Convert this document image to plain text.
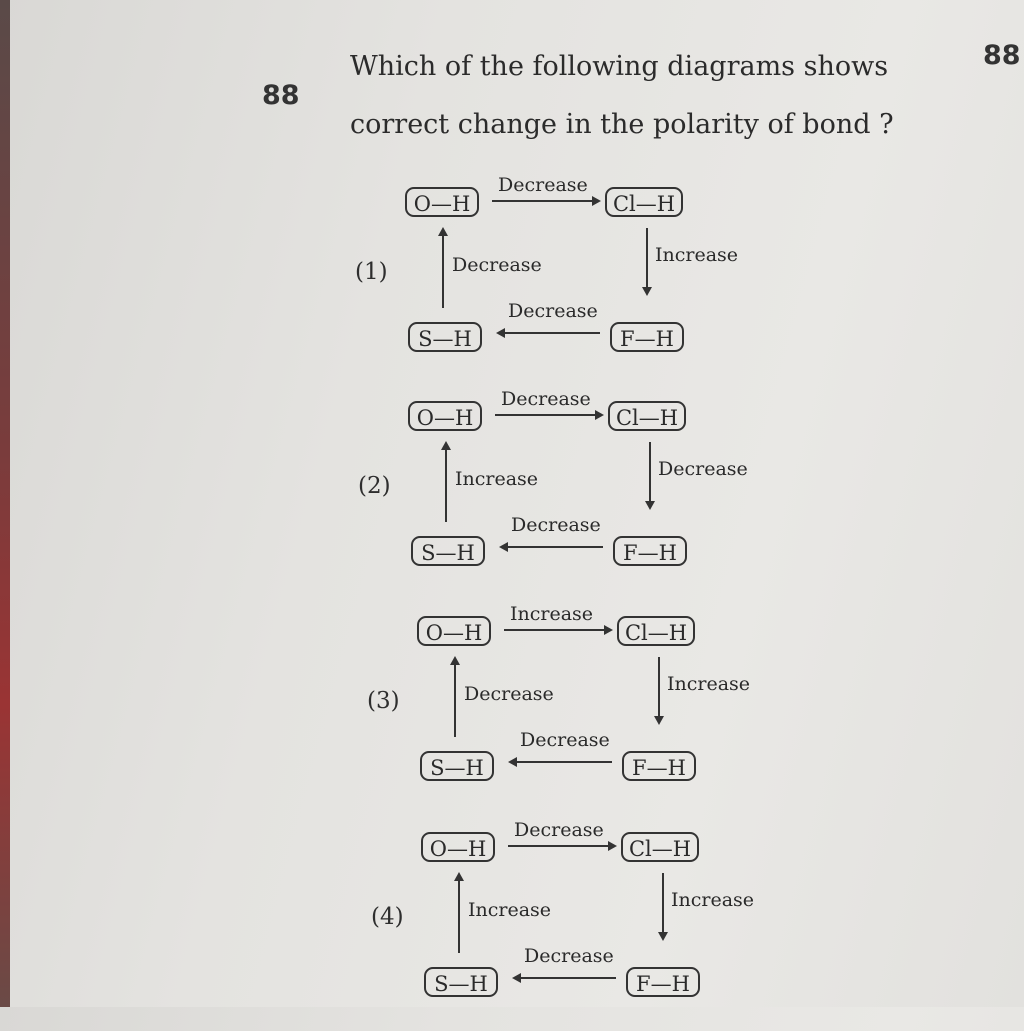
88
88
Which of the following diagrams shows correct change in the polarity of bond ?
(1)
O—H	Cl—H
S—H	F—H
Decrease
Increase
Decrease
Decrease
(2)
O—H	Cl—H
S—H	F—H
Decrease
Decrease
Decrease
Increase
(3)
O—H	Cl—H
S—H	F—H
Increase
Increase
Decrease
Decrease
(4)
O—H	Cl—H
S—H	F—H
Decrease
Increase
Decrease
Increase
